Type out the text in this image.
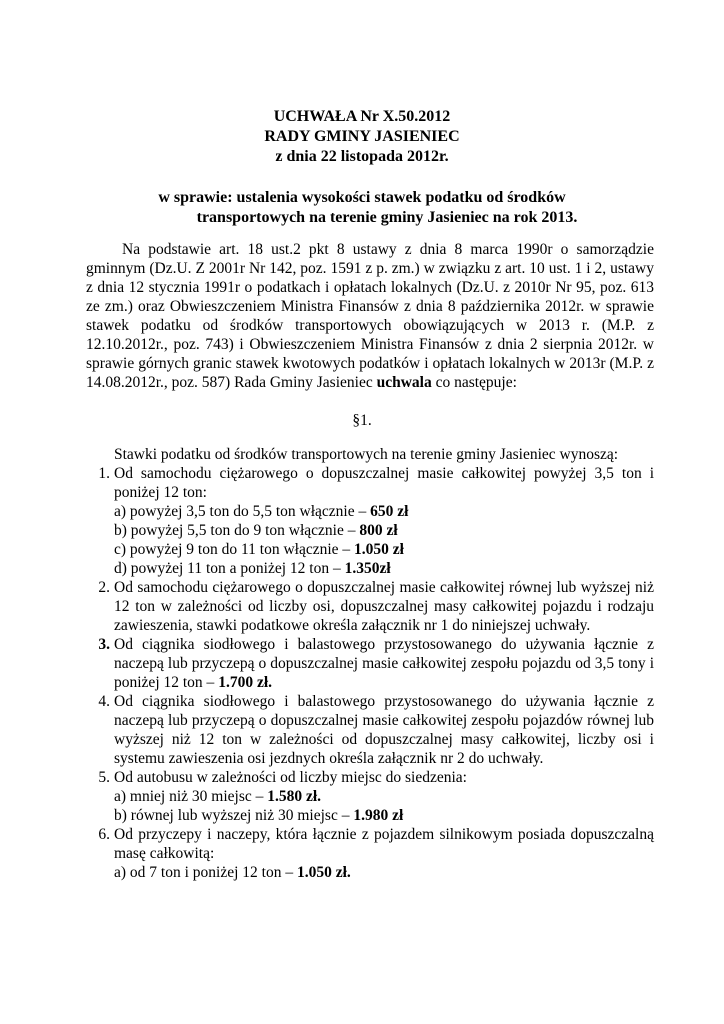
UCHWAŁA Nr X.50.2012
RADY GMINY JASIENIEC
z dnia 22 listopada 2012r.
w sprawie: ustalenia wysokości stawek podatku od środków
transportowych na terenie gminy Jasieniec na rok 2013.

Na podstawie art. 18 ust.2 pkt 8 ustawy z dnia 8 marca 1990r o samorządzie gminnym (Dz.U. Z 2001r Nr 142, poz. 1591 z p. zm.) w związku z art. 10 ust. 1 i 2, ustawy z dnia 12 stycznia 1991r o podatkach i opłatach lokalnych (Dz.U. z 2010r Nr 95, poz. 613 ze zm.) oraz Obwieszczeniem Ministra Finansów z dnia 8 października 2012r. w sprawie stawek podatku od środków transportowych obowiązujących w 2013 r. (M.P. z 12.10.2012r., poz. 743) i Obwieszczeniem Ministra Finansów z dnia 2 sierpnia 2012r. w sprawie górnych granic stawek kwotowych podatków i opłatach lokalnych w 2013r (M.P. z 14.08.2012r., poz. 587) Rada Gminy Jasieniec uchwala co następuje:

§1.
Stawki podatku od środków transportowych na terenie gminy Jasieniec wynoszą:
1. Od samochodu ciężarowego o dopuszczalnej masie całkowitej powyżej 3,5 ton i poniżej 12 ton:
a) powyżej 3,5 ton do 5,5 ton włącznie – 650 zł
b) powyżej 5,5 ton do 9 ton włącznie – 800 zł
c) powyżej 9 ton do 11 ton włącznie – 1.050 zł
d) powyżej 11 ton a poniżej 12 ton – 1.350zł
2. Od samochodu ciężarowego o dopuszczalnej masie całkowitej równej lub wyższej niż 12 ton w zależności od liczby osi, dopuszczalnej masy całkowitej pojazdu i rodzaju zawieszenia, stawki podatkowe określa załącznik nr 1 do niniejszej uchwały.
3. Od ciągnika siodłowego i balastowego przystosowanego do używania łącznie z naczepą lub przyczepą o dopuszczalnej masie całkowitej zespołu pojazdu od 3,5 tony i poniżej 12 ton – 1.700 zł.
4. Od ciągnika siodłowego i balastowego przystosowanego do używania łącznie z naczepą lub przyczepą o dopuszczalnej masie całkowitej zespołu pojazdów równej lub wyższej niż 12 ton w zależności od dopuszczalnej masy całkowitej, liczby osi i systemu zawieszenia osi jezdnych określa załącznik nr 2 do uchwały.
5. Od autobusu w zależności od liczby miejsc do siedzenia:
a) mniej niż 30 miejsc – 1.580 zł.
b) równej lub wyższej niż 30 miejsc – 1.980 zł
6. Od przyczepy i naczepy, która łącznie z pojazdem silnikowym posiada dopuszczalną masę całkowitą:
a) od 7 ton i poniżej 12 ton – 1.050 zł.
